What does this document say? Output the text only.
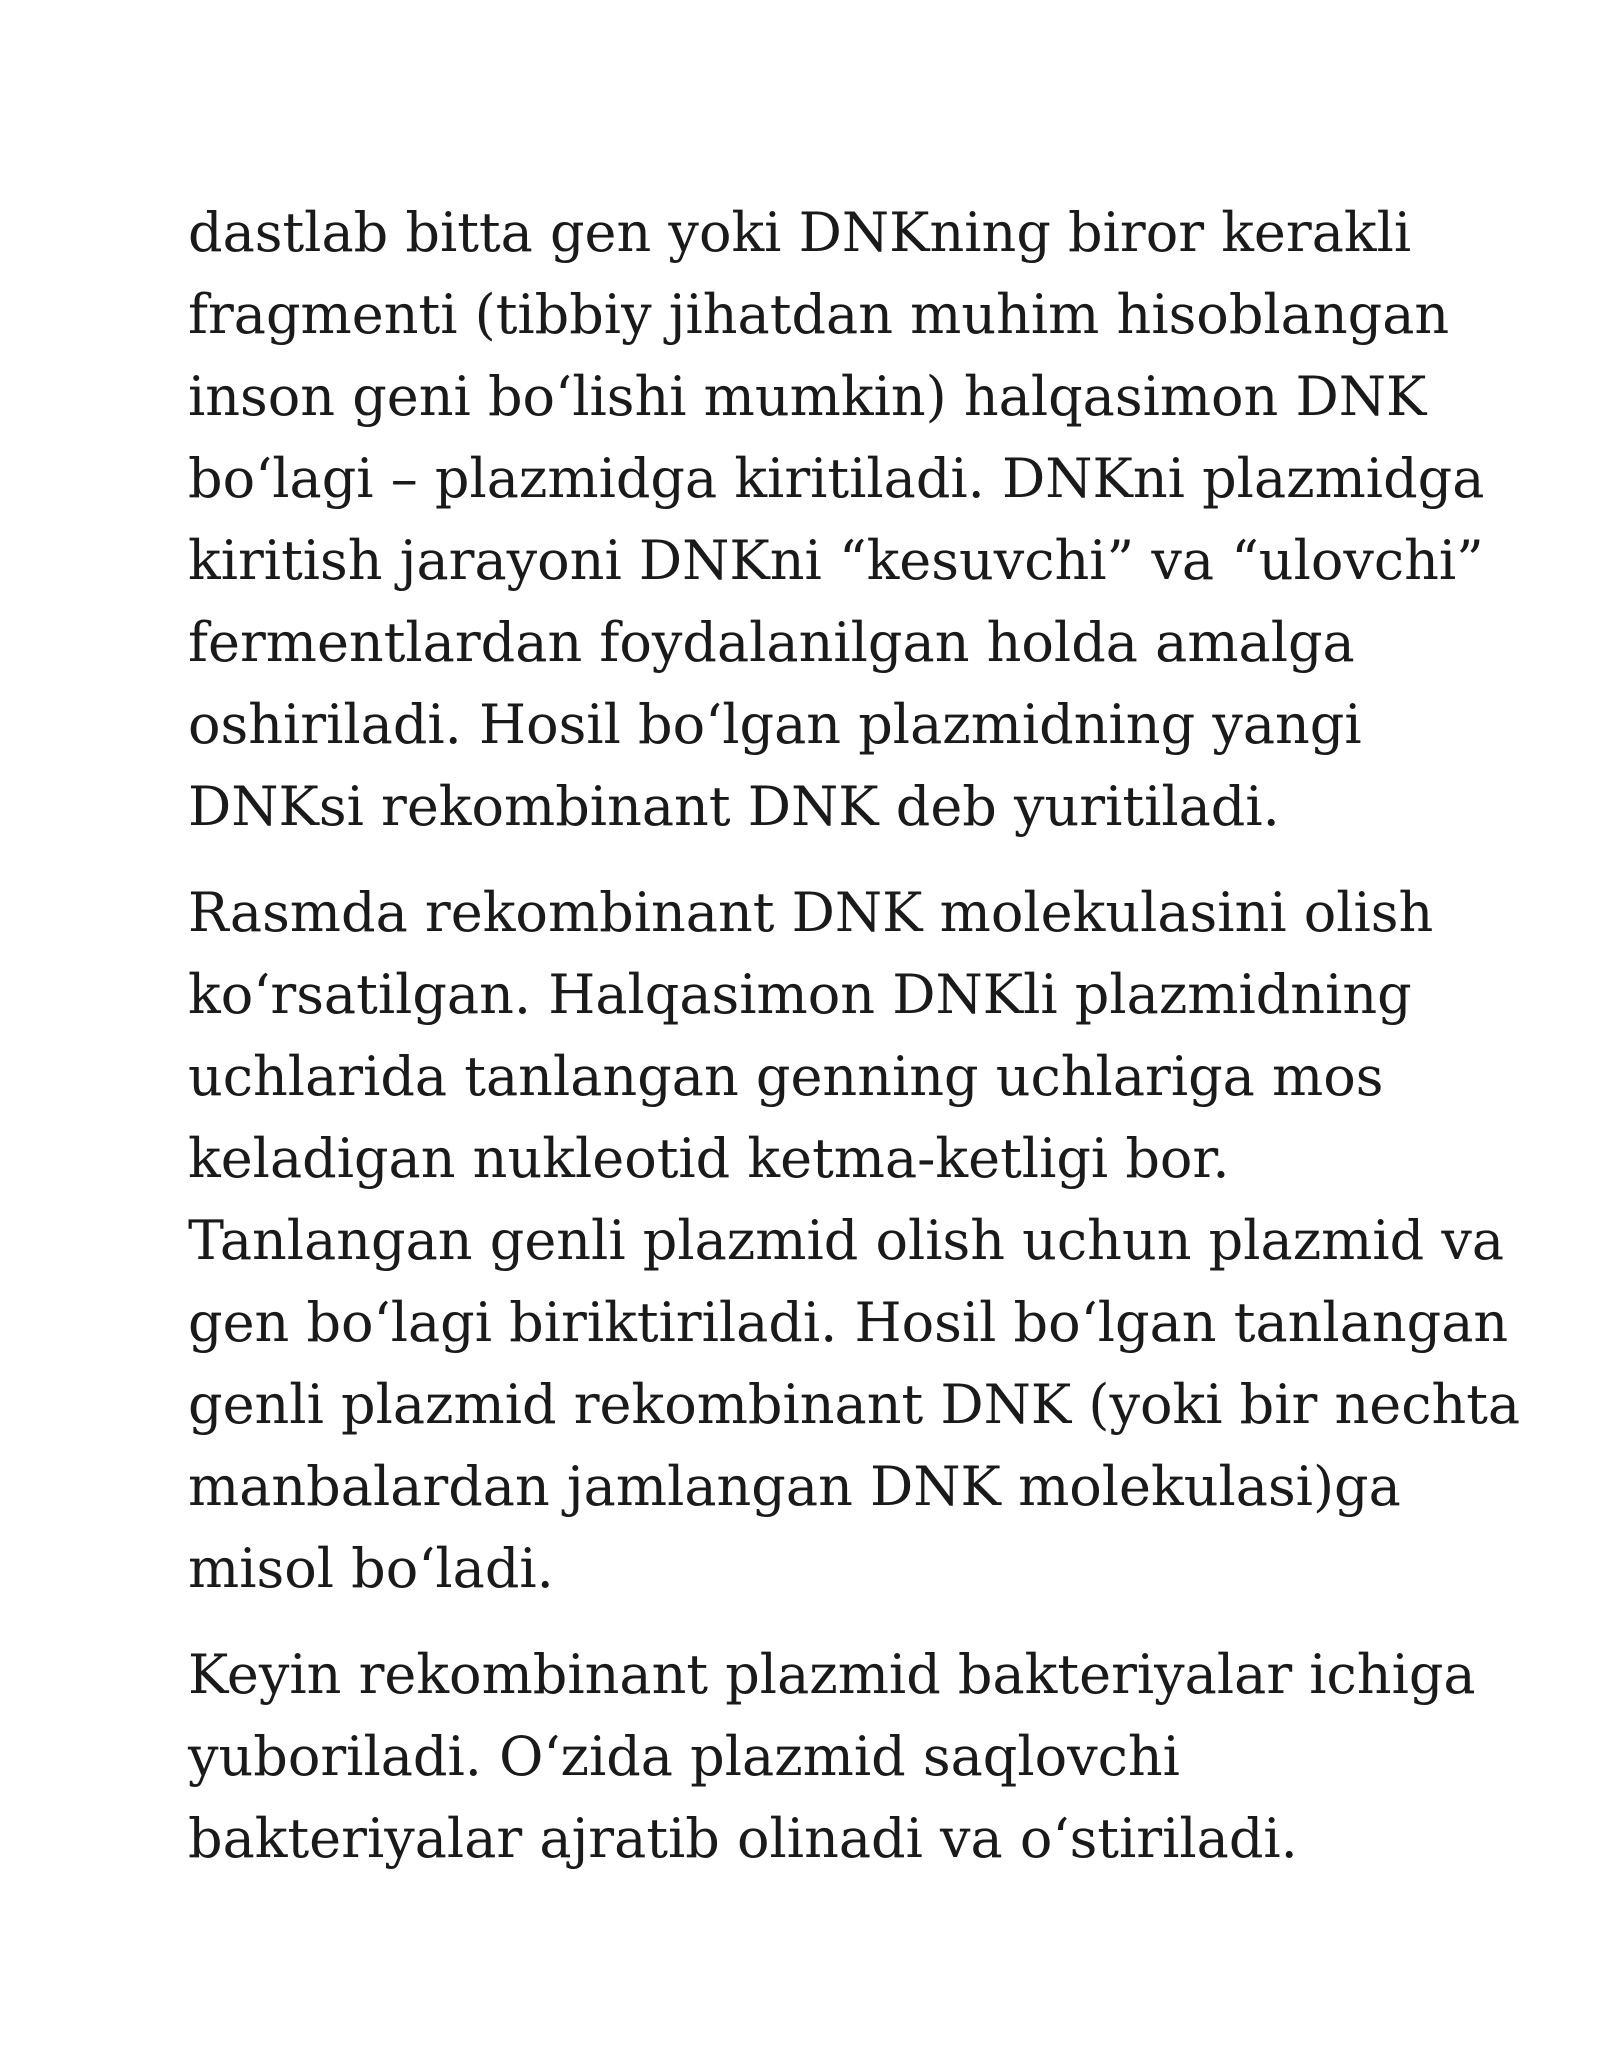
dastlab bitta gen yoki DNKning biror kerakli
fragmenti (tibbiy jihatdan muhim hisoblangan
inson geni boʻlishi mumkin) halqasimon DNK
boʻlagi – plazmidga kiritiladi. DNKni plazmidga
kiritish jarayoni DNKni “kesuvchi” va “ulovchi”
fermentlardan foydalanilgan holda amalga
oshiriladi. Hosil boʻlgan plazmidning yangi
DNKsi rekombinant DNK deb yuritiladi.

Rasmda rekombinant DNK molekulasini olish
koʻrsatilgan. Halqasimon DNKli plazmidning
uchlarida tanlangan genning uchlariga mos
keladigan nukleotid ketma-ketligi bor.
Tanlangan genli plazmid olish uchun plazmid va
gen boʻlagi biriktiriladi. Hosil boʻlgan tanlangan
genli plazmid rekombinant DNK (yoki bir nechta
manbalardan jamlangan DNK molekulasi)ga
misol boʻladi.

Keyin rekombinant plazmid bakteriyalar ichiga
yuboriladi. Oʻzida plazmid saqlovchi
bakteriyalar ajratib olinadi va oʻstiriladi.
